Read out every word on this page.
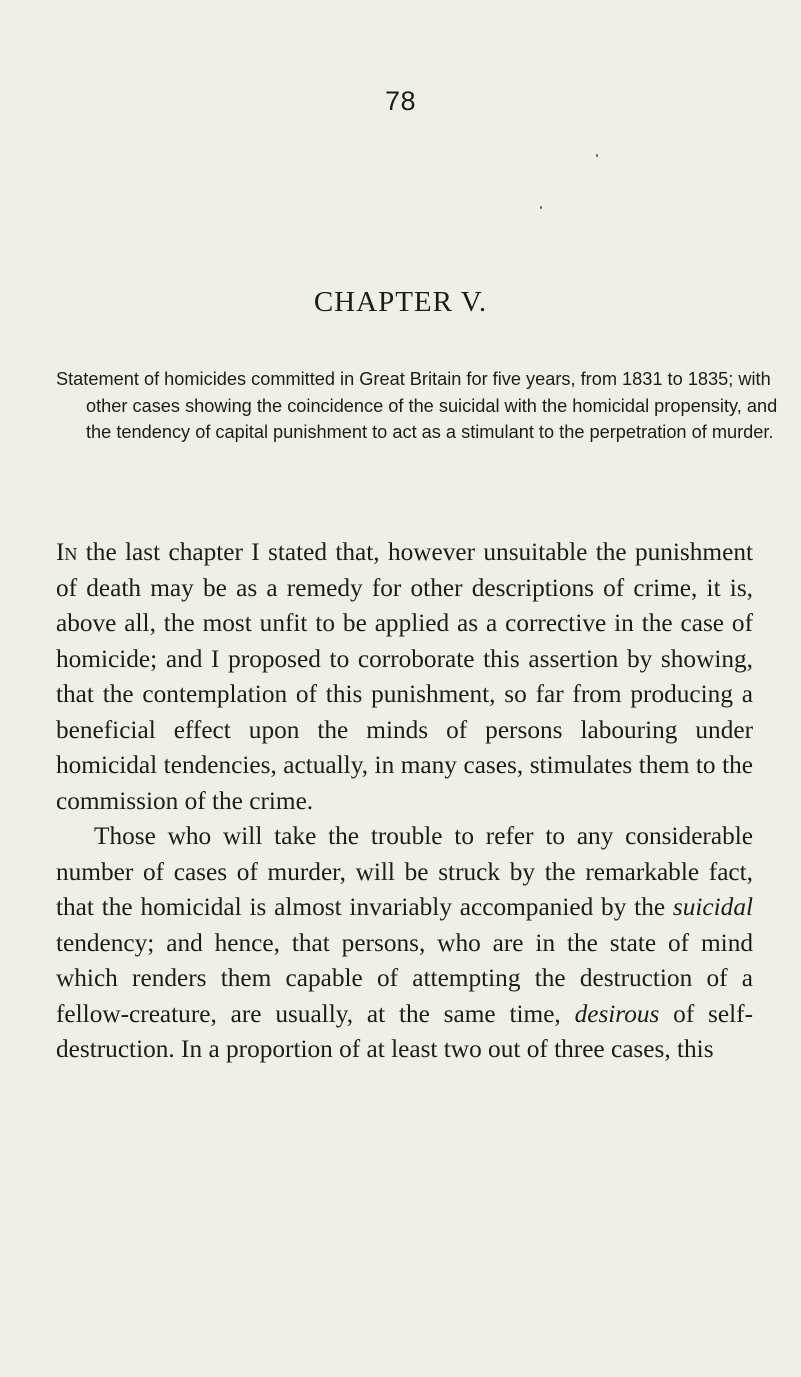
78
CHAPTER V.
Statement of homicides committed in Great Britain for five years, from 1831 to 1835; with other cases showing the coincidence of the suicidal with the homicidal propensity, and the tendency of capital punishment to act as a stimulant to the perpetration of murder.

In the last chapter I stated that, however unsuitable the punishment of death may be as a remedy for other descriptions of crime, it is, above all, the most unfit to be applied as a corrective in the case of homicide; and I proposed to corroborate this assertion by showing, that the contemplation of this punishment, so far from producing a beneficial effect upon the minds of persons labouring under homicidal tendencies, actually, in many cases, stimulates them to the commission of the crime.

Those who will take the trouble to refer to any considerable number of cases of murder, will be struck by the remarkable fact, that the homicidal is almost invariably accompanied by the suicidal tendency; and hence, that persons, who are in the state of mind which renders them capable of attempting the destruction of a fellow-creature, are usually, at the same time, desirous of self-destruction. In a proportion of at least two out of three cases, this
